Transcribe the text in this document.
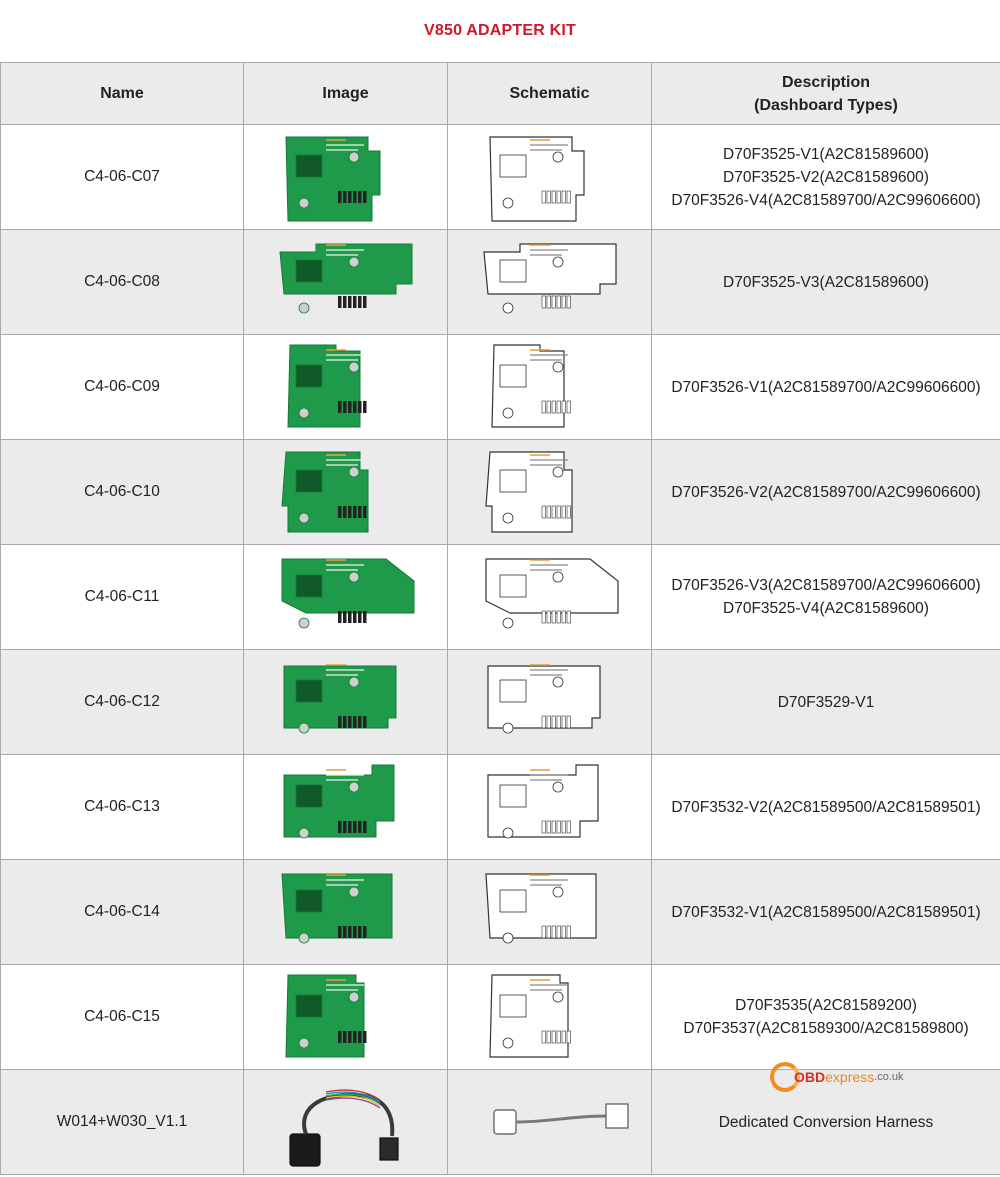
V850 ADAPTER KIT
Name	Image	Schematic	Description
(Dashboard Types)

C4-06-C07			D70F3525-V1(A2C81589600)
D70F3525-V2(A2C81589600)
D70F3526-V4(A2C81589700/A2C99606600)

C4-06-C08			D70F3525-V3(A2C81589600)

C4-06-C09			D70F3526-V1(A2C81589700/A2C99606600)

C4-06-C10			D70F3526-V2(A2C81589700/A2C99606600)

C4-06-C11			D70F3526-V3(A2C81589700/A2C99606600)
D70F3525-V4(A2C81589600)

C4-06-C12			D70F3529-V1

C4-06-C13			D70F3532-V2(A2C81589500/A2C81589501)

C4-06-C14			D70F3532-V1(A2C81589500/A2C81589501)

C4-06-C15			D70F3535(A2C81589200)
D70F3537(A2C81589300/A2C81589800)

W014+W030_V1.1			Dedicated Conversion Harness
OBD express .co.uk
